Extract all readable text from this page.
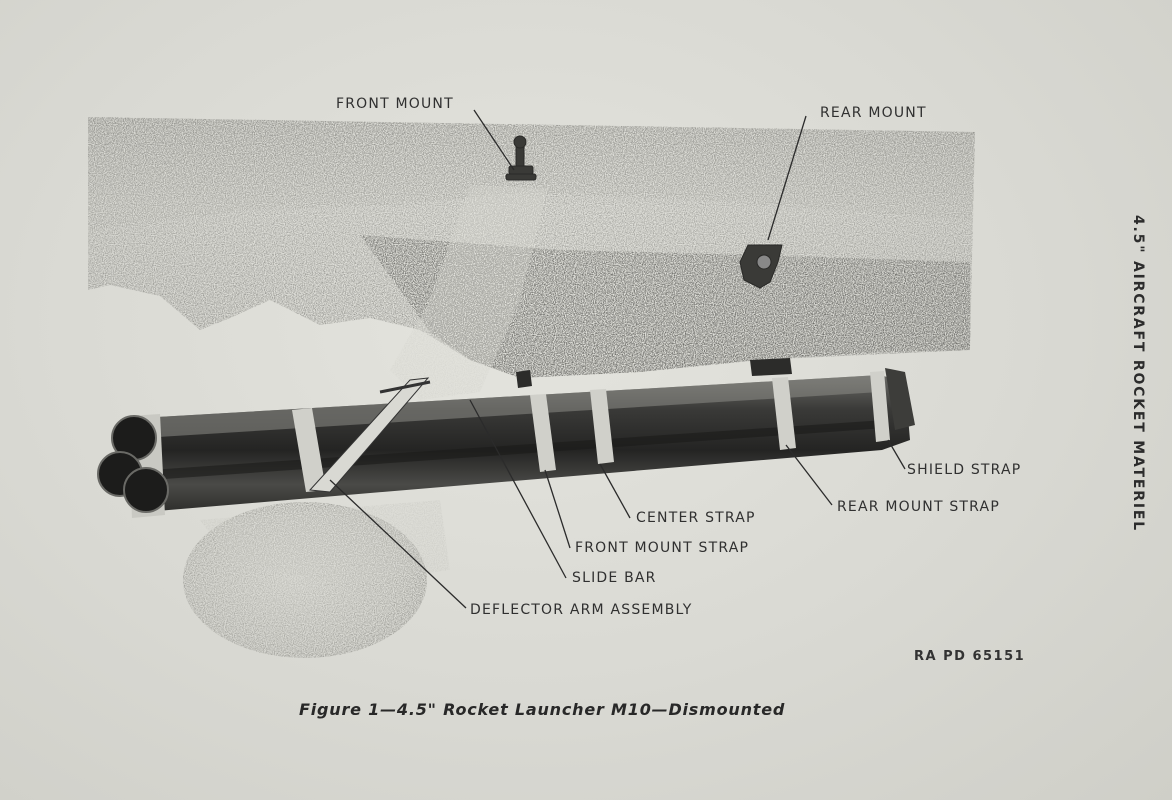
FRONT MOUNT
REAR MOUNT
SHIELD STRAP
REAR MOUNT STRAP
CENTER STRAP
FRONT MOUNT STRAP
SLIDE BAR
DEFLECTOR ARM ASSEMBLY
RA PD 65151
Figure 1—4.5" Rocket Launcher M10—Dismounted
4.5" AIRCRAFT ROCKET MATERIEL
